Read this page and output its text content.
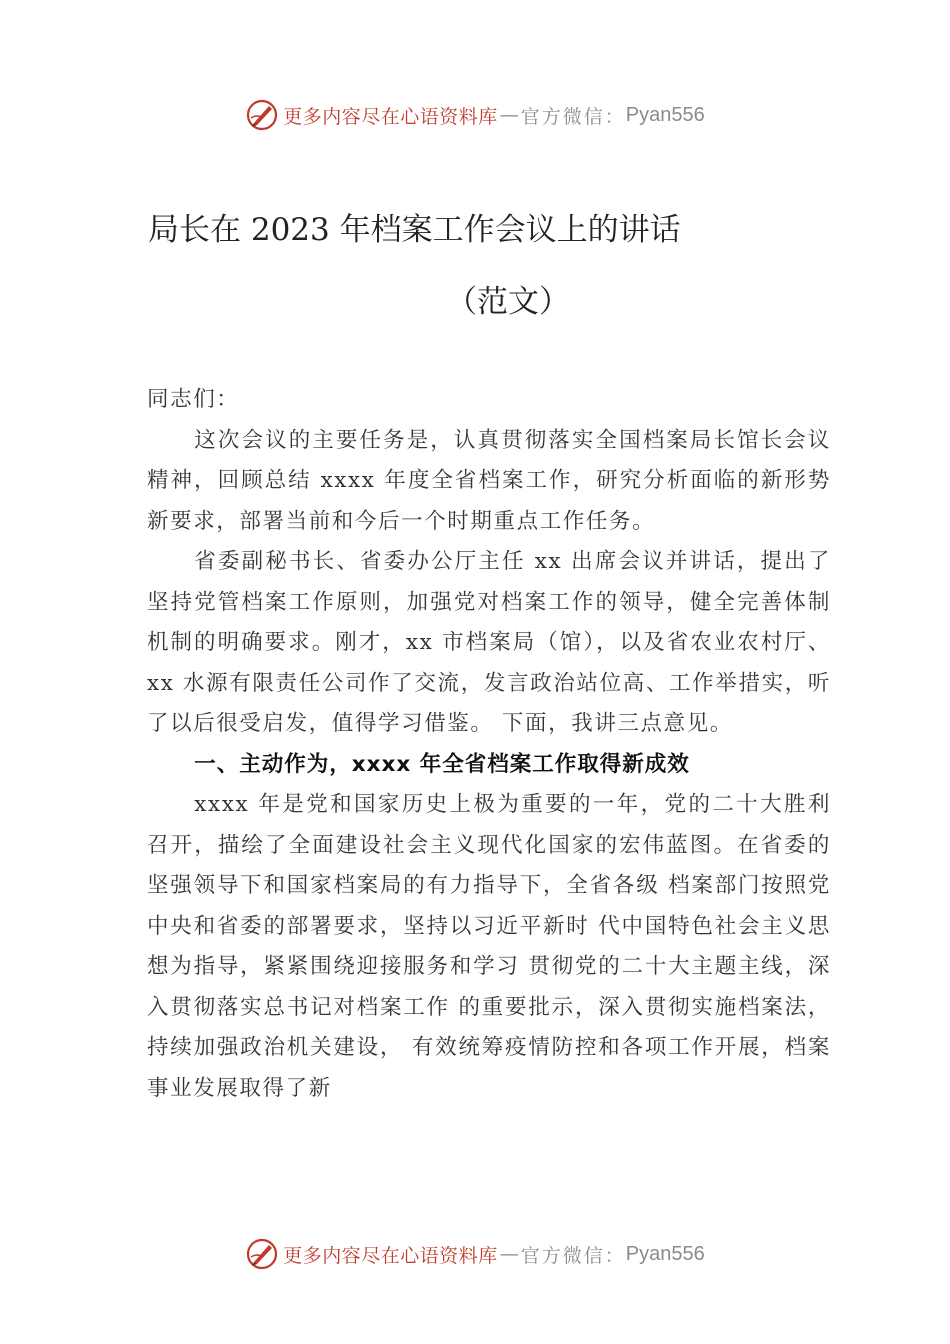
更多内容尽在心语资料库 — 官方微信： Pyan556
局长在 2023 年档案工作会议上的讲话
（范文）

同志们：

这次会议的主要任务是，认真贯彻落实全国档案局长馆长会议精神，回顾总结 xxxx 年度全省档案工作，研究分析面临的新形势新要求，部署当前和今后一个时期重点工作任务。

省委副秘书长、省委办公厅主任 xx 出席会议并讲话，提出了坚持党管档案工作原则，加强党对档案工作的领导，健全完善体制机制的明确要求。刚才，xx 市档案局（馆），以及省农业农村厅、xx 水源有限责任公司作了交流，发言政治站位高、工作举措实，听了以后很受启发，值得学习借鉴。 下面，我讲三点意见。

一、主动作为，xxxx 年全省档案工作取得新成效

xxxx 年是党和国家历史上极为重要的一年，党的二十大胜利召开，描绘了全面建设社会主义现代化国家的宏伟蓝图。在省委的坚强领导下和国家档案局的有力指导下，全省各级 档案部门按照党中央和省委的部署要求，坚持以习近平新时 代中国特色社会主义思想为指导，紧紧围绕迎接服务和学习 贯彻党的二十大主题主线，深入贯彻落实总书记对档案工作 的重要批示，深入贯彻实施档案法，持续加强政治机关建设， 有效统筹疫情防控和各项工作开展，档案事业发展取得了新

更多内容尽在心语资料库 — 官方微信： Pyan556
